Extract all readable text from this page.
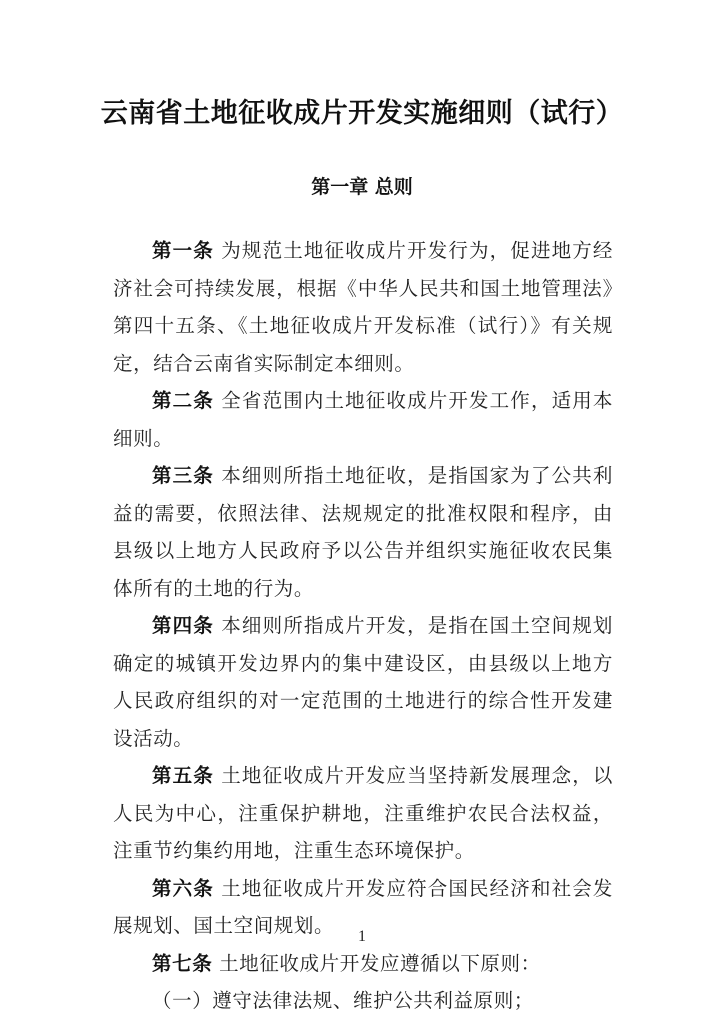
云南省土地征收成片开发实施细则（试行）
第一章 总则

第一条 为规范土地征收成片开发行为，促进地方经济社会可持续发展，根据《中华人民共和国土地管理法》第四十五条、《土地征收成片开发标准（试行）》有关规定，结合云南省实际制定本细则。

第二条 全省范围内土地征收成片开发工作，适用本细则。

第三条 本细则所指土地征收，是指国家为了公共利益的需要，依照法律、法规规定的批准权限和程序，由县级以上地方人民政府予以公告并组织实施征收农民集体所有的土地的行为。

第四条 本细则所指成片开发，是指在国土空间规划确定的城镇开发边界内的集中建设区，由县级以上地方人民政府组织的对一定范围的土地进行的综合性开发建设活动。

第五条 土地征收成片开发应当坚持新发展理念，以人民为中心，注重保护耕地，注重维护农民合法权益，注重节约集约用地，注重生态环境保护。

第六条 土地征收成片开发应符合国民经济和社会发展规划、国土空间规划。

第七条 土地征收成片开发应遵循以下原则：

（一）遵守法律法规、维护公共利益原则；

1
